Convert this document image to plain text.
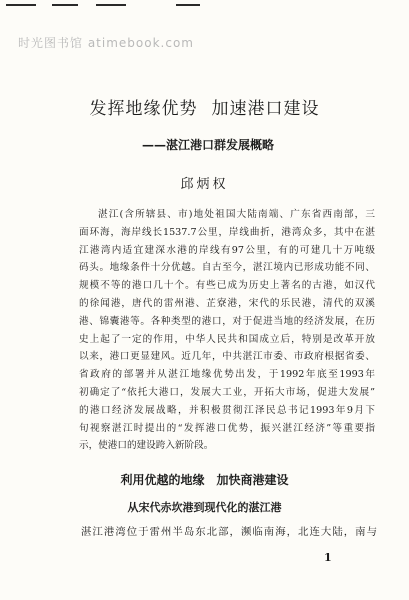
时光图书馆 atimebook.com
发挥地缘优势 加速港口建设
——湛江港口群发展概略
邱炳权
湛江(含所辖县、市)地处祖国大陆南端、广东省西南部，三
面环海，海岸线长1537.7公里，岸线曲折，港湾众多，其中在湛
江港湾内适宜建深水港的岸线有97公里，有的可建几十万吨级
码头。地缘条件十分优越。自古至今，湛江境内已形成功能不同、
规模不等的港口几十个。有些已成为历史上著名的古港，如汉代
的徐闻港，唐代的雷州港、芷寮港，宋代的乐民港，清代的双溪
港、锦囊港等。各种类型的港口，对于促进当地的经济发展，在历
史上起了一定的作用，中华人民共和国成立后，特别是改革开放
以来，港口更显建风。近几年，中共湛江市委、市政府根据省委、
省政府的部署并从湛江地缘优势出发，于1992年底至1993年
初确定了“依托大港口，发展大工业，开拓大市场，促进大发展”
的港口经济发展战略，并积极贯彻江泽民总书记1993年9月下
旬视察湛江时提出的“发挥港口优势，振兴湛江经济”等重要指
示，使港口的建设跨入新阶段。
利用优越的地缘 加快商港建设
从宋代赤坎港到现代化的湛江港
湛江港湾位于雷州半岛东北部，濒临南海，北连大陆，南与
1
